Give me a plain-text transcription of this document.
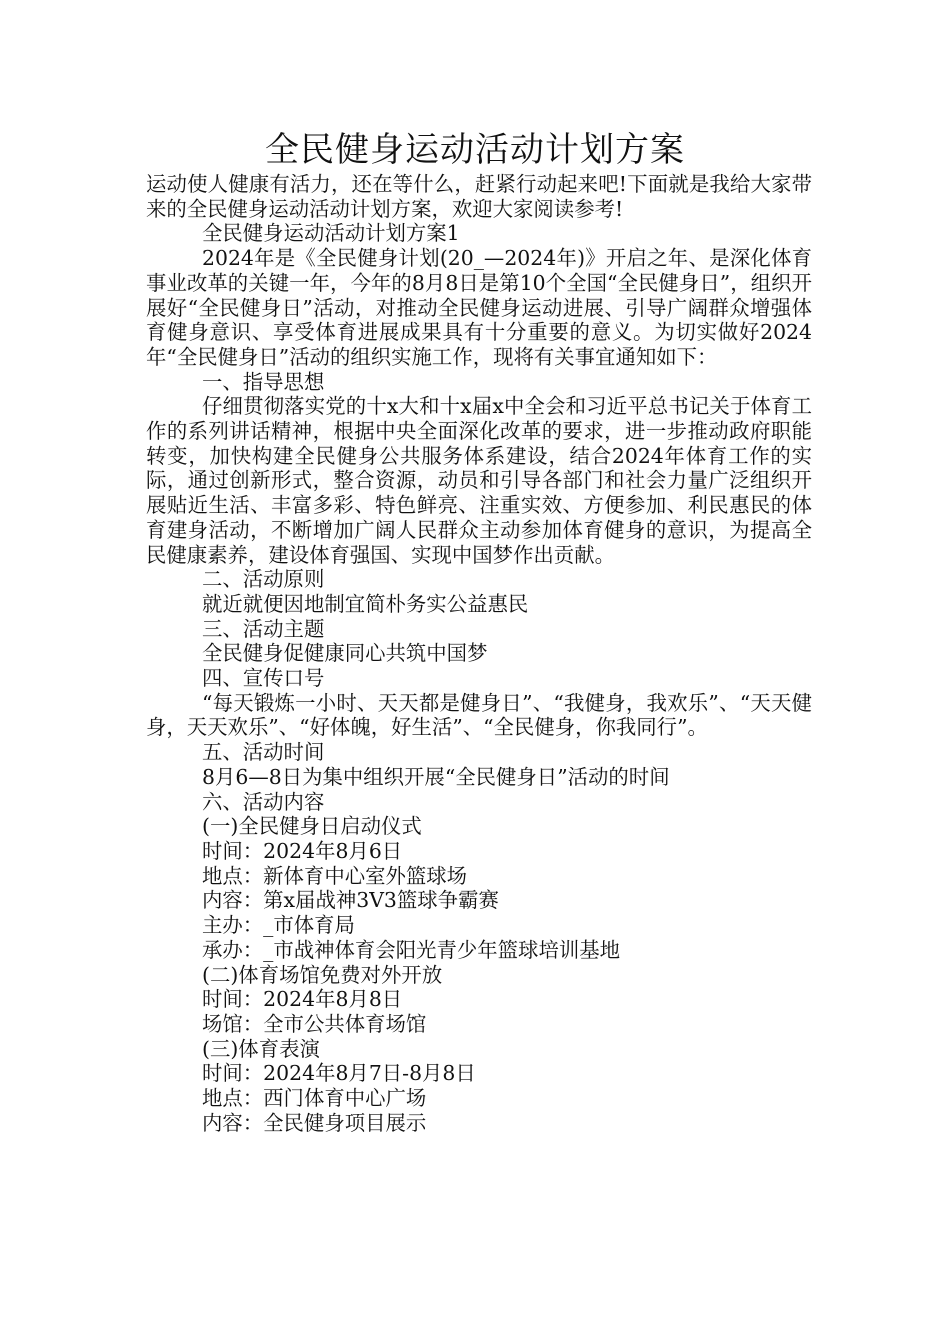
全民健身运动活动计划方案

运动使人健康有活力，还在等什么，赶紧行动起来吧!下面就是我给大家带来的全民健身运动活动计划方案，欢迎大家阅读参考!

全民健身运动活动计划方案1

2024年是《全民健身计划(20_—2024年)》开启之年、是深化体育事业改革的关键一年，今年的8月8日是第10个全国“全民健身日”，组织开展好“全民健身日”活动，对推动全民健身运动进展、引导广阔群众增强体育健身意识、享受体育进展成果具有十分重要的意义。为切实做好2024年“全民健身日”活动的组织实施工作，现将有关事宜通知如下：

一、指导思想

仔细贯彻落实党的十x大和十x届x中全会和习近平总书记关于体育工作的系列讲话精神，根据中央全面深化改革的要求，进一步推动政府职能转变，加快构建全民健身公共服务体系建设，结合2024年体育工作的实际，通过创新形式，整合资源，动员和引导各部门和社会力量广泛组织开展贴近生活、丰富多彩、特色鲜亮、注重实效、方便参加、利民惠民的体育建身活动，不断增加广阔人民群众主动参加体育健身的意识，为提高全民健康素养，建设体育强国、实现中国梦作出贡献。

二、活动原则

就近就便因地制宜简朴务实公益惠民

三、活动主题

全民健身促健康同心共筑中国梦

四、宣传口号

“每天锻炼一小时、天天都是健身日”、“我健身，我欢乐”、“天天健身，天天欢乐”、“好体魄，好生活”、“全民健身，你我同行”。

五、活动时间

8月6—8日为集中组织开展“全民健身日”活动的时间

六、活动内容

(一)全民健身日启动仪式

时间：2024年8月6日

地点：新体育中心室外篮球场

内容：第x届战神3V3篮球争霸赛

主办：_市体育局

承办：_市战神体育会阳光青少年篮球培训基地

(二)体育场馆免费对外开放

时间：2024年8月8日

场馆：全市公共体育场馆

(三)体育表演

时间：2024年8月7日-8月8日

地点：西门体育中心广场

内容：全民健身项目展示
